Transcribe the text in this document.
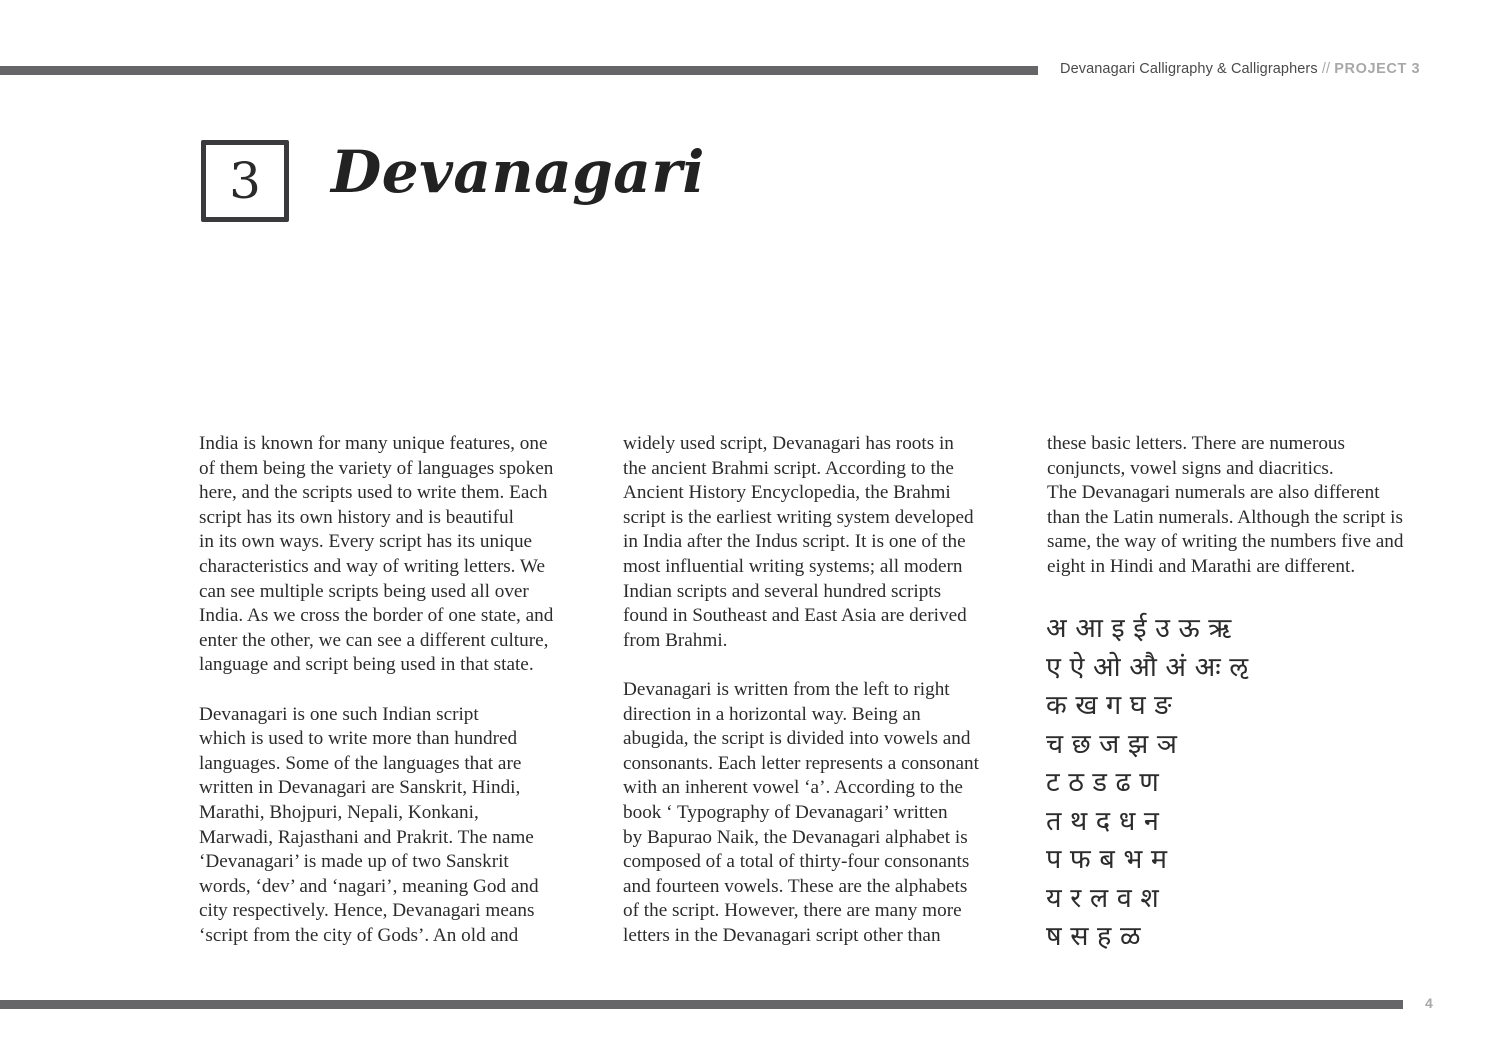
Devanagari Calligraphy & Calligraphers // PROJECT 3
3	Devanagari

India is known for many unique features, one
of them being the variety of languages spoken
here, and the scripts used to write them. Each
script has its own history and is beautiful
in its own ways. Every script has its unique
characteristics and way of writing letters. We
can see multiple scripts being used all over
India. As we cross the border of one state, and
enter the other, we can see a different culture,
language and script being used in that state.

Devanagari is one such Indian script
which is used to write more than hundred
languages. Some of the languages that are
written in Devanagari are Sanskrit, Hindi,
Marathi, Bhojpuri, Nepali, Konkani,
Marwadi, Rajasthani and Prakrit. The name
‘Devanagari’ is made up of two Sanskrit
words, ‘dev’ and ‘nagari’, meaning God and
city respectively. Hence, Devanagari means
‘script from the city of Gods’. An old and

widely used script, Devanagari has roots in
the ancient Brahmi script. According to the
Ancient History Encyclopedia, the Brahmi
script is the earliest writing system developed
in India after the Indus script. It is one of the
most influential writing systems; all modern
Indian scripts and several hundred scripts
found in Southeast and East Asia are derived
from Brahmi.

Devanagari is written from the left to right
direction in a horizontal way. Being an
abugida, the script is divided into vowels and
consonants. Each letter represents a consonant
with an inherent vowel ‘a’. According to the
book ‘ Typography of Devanagari’ written
by Bapurao Naik, the Devanagari alphabet is
composed of a total of thirty-four consonants
and fourteen vowels. These are the alphabets
of the script. However, there are many more
letters in the Devanagari script other than

these basic letters. There are numerous
conjuncts, vowel signs and diacritics.
The Devanagari numerals are also different
than the Latin numerals. Although the script is
same, the way of writing the numbers five and
eight in Hindi and Marathi are different.

अ आ इ ई उ ऊ ऋ
ए ऐ ओ औ अं अः ऌ
क ख ग घ ङ
च छ ज झ ञ
ट ठ ड ढ ण
त थ द ध न
प फ ब भ म
य र ल व श
ष स ह ळ
4
